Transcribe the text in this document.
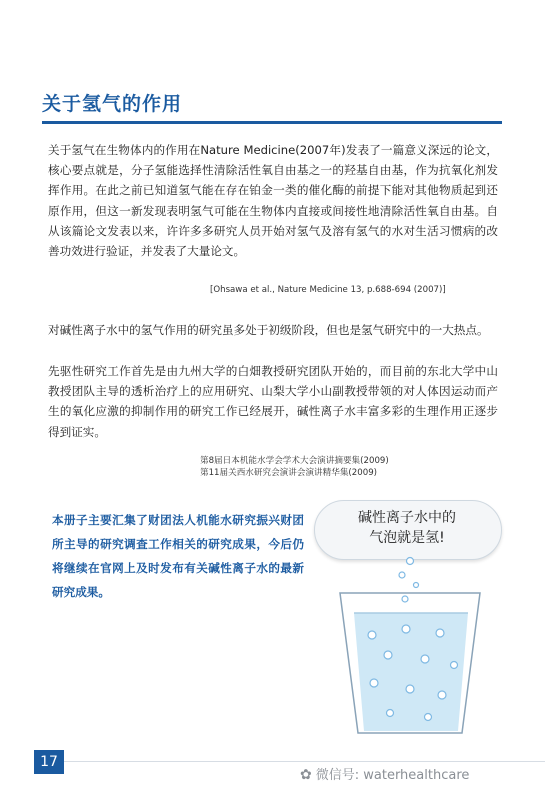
关于氢气的作用
关于氢气在生物体内的作用在Nature Medicine(2007年)发表了一篇意义深远的论文，核心要点就是，分子氢能选择性清除活性氧自由基之一的羟基自由基，作为抗氧化剂发挥作用。在此之前已知道氢气能在存在铂金一类的催化酶的前提下能对其他物质起到还原作用，但这一新发现表明氢气可能在生物体内直接或间接性地清除活性氧自由基。自从该篇论文发表以来，许许多多研究人员开始对氢气及溶有氢气的水对生活习惯病的改善功效进行验证，并发表了大量论文。
[Ohsawa et al., Nature Medicine 13, p.688-694 (2007)]
对碱性离子水中的氢气作用的研究虽多处于初级阶段，但也是氢气研究中的一大热点。
先驱性研究工作首先是由九州大学的白畑教授研究团队开始的，而目前的东北大学中山教授团队主导的透析治疗上的应用研究、山梨大学小山副教授带领的对人体因运动而产生的氧化应激的抑制作用的研究工作已经展开，碱性离子水丰富多彩的生理作用正逐步得到证实。
第8届日本机能水学会学术大会演讲摘要集(2009)
第11届关西水研究会演讲会演讲精华集(2009)
本册子主要汇集了财团法人机能水研究振兴财团所主导的研究调查工作相关的研究成果，今后仍将继续在官网上及时发布有关碱性离子水的最新研究成果。
碱性离子水中的
气泡就是氢!
17
✿ 微信号: waterhealthcare
